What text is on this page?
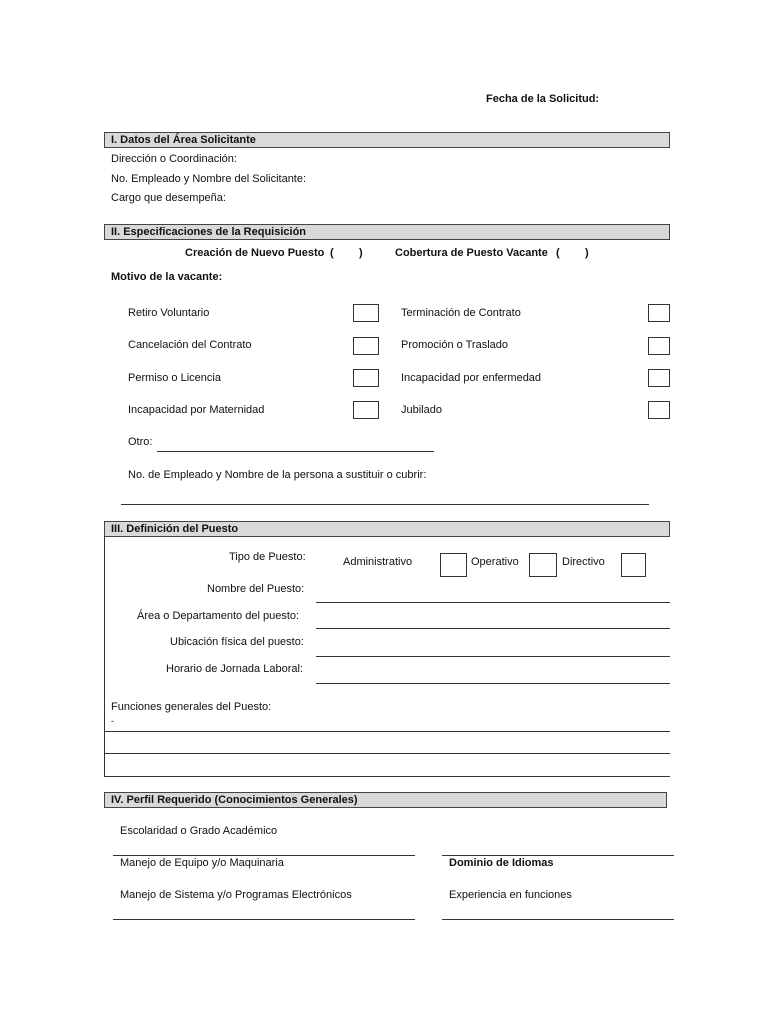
Fecha de la Solicitud:
I. Datos del Área Solicitante
Dirección o Coordinación:
No. Empleado y Nombre del Solicitante:
Cargo que desempeña:
II. Especificaciones de la Requisición
Creación de Nuevo Puesto ( )	Cobertura de Puesto Vacante ( )
Motivo de la vacante:
Retiro Voluntario	Terminación de Contrato
Cancelación del Contrato	Promoción o Traslado
Permiso o Licencia	Incapacidad por enfermedad
Incapacidad por Maternidad	Jubilado
Otro:
No. de Empleado y Nombre de la persona a sustituir o cubrir:
III. Definición del Puesto
Tipo de Puesto:	Administrativo	Operativo	Directivo
Nombre del Puesto:
Área o Departamento del puesto:
Ubicación física del puesto:
Horario de Jornada Laboral:
Funciones generales del Puesto:
-
IV. Perfil Requerido (Conocimientos Generales)
Escolaridad o Grado Académico
Manejo de Equipo y/o Maquinaria	Dominio de Idiomas
Manejo de Sistema y/o Programas Electrónicos	Experiencia en funciones
